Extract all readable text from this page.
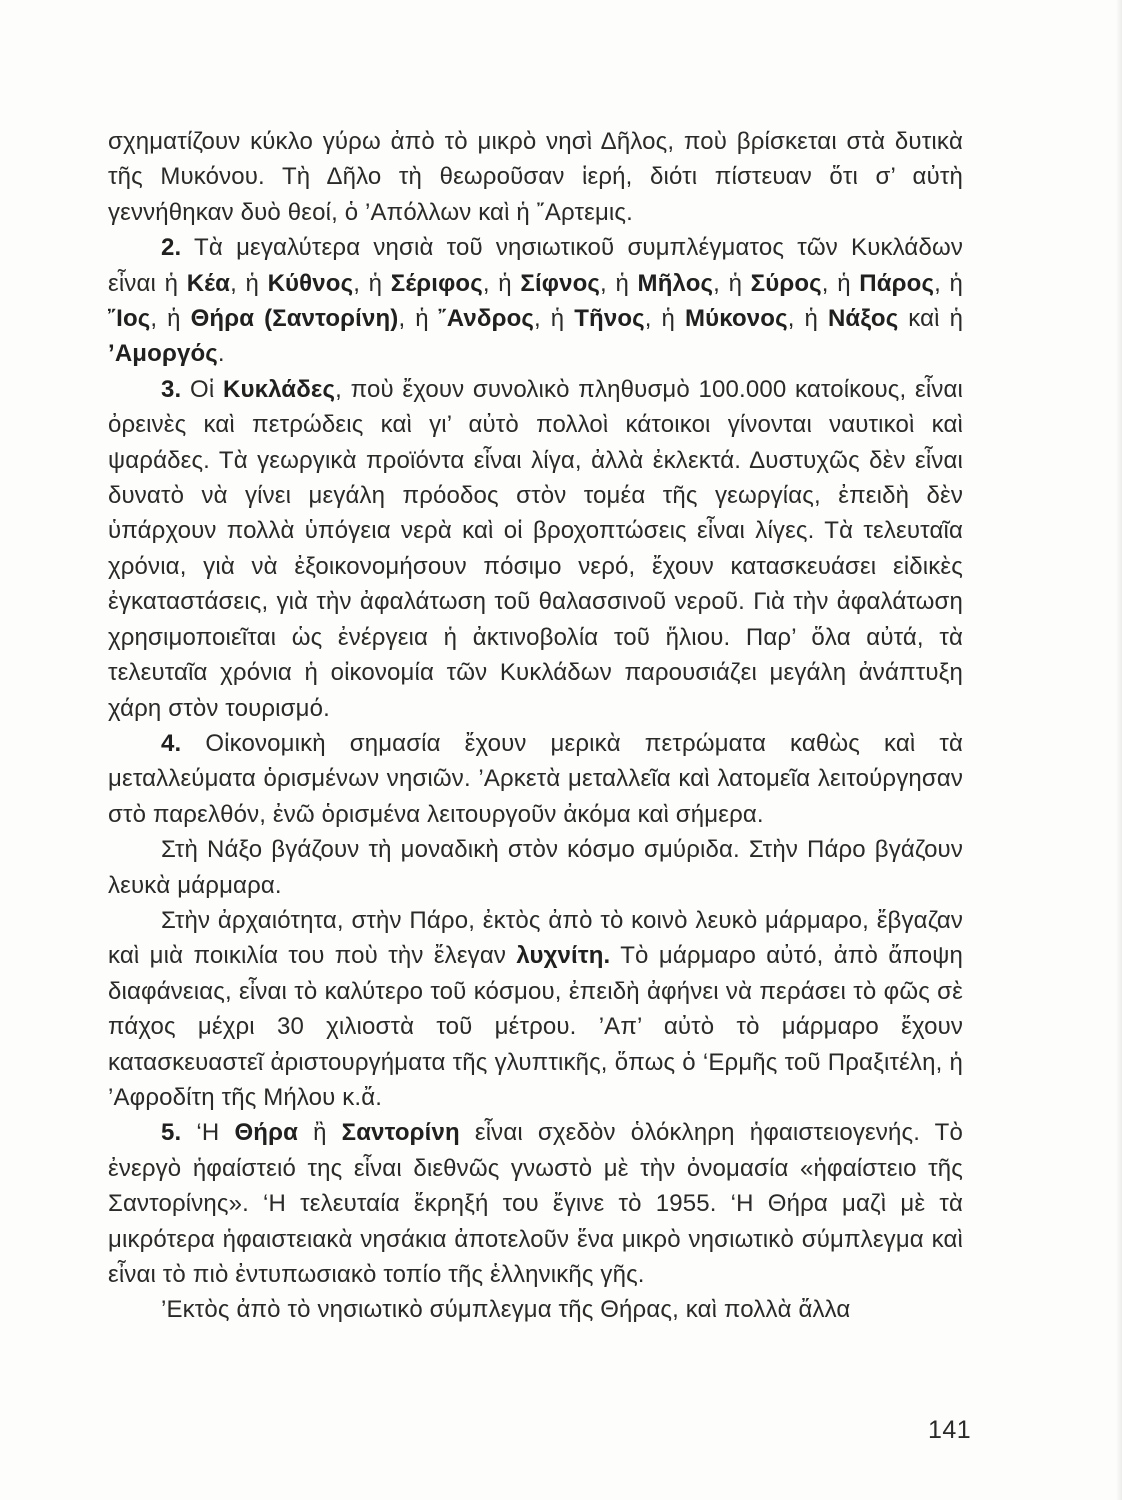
σχηματίζουν κύκλο γύρω ἀπὸ τὸ μικρὸ νησὶ Δῆλος, ποὺ βρίσκεται στὰ δυτικὰ τῆς Μυκόνου. Τὴ Δῆλο τὴ θεωροῦσαν ἱερή, διότι πίστευαν ὅτι σ’ αὐτὴ γεννήθηκαν δυὸ θεοί, ὁ ’Απόλλων καὶ ἡ ῎Αρτεμις.

2. Τὰ μεγαλύτερα νησιὰ τοῦ νησιωτικοῦ συμπλέγματος τῶν Κυκλάδων εἶναι ἡ Κέα, ἡ Κύθνος, ἡ Σέριφος, ἡ Σίφνος, ἡ Μῆλος, ἡ Σύρος, ἡ Πάρος, ἡ ῎Ιος, ἡ Θήρα (Σαντορίνη), ἡ ῎Ανδρος, ἡ Τῆνος, ἡ Μύκονος, ἡ Νάξος καὶ ἡ ’Αμοργός.

3. Οἱ Κυκλάδες, ποὺ ἔχουν συνολικὸ πληθυσμὸ 100.000 κατοίκους, εἶναι ὀρεινὲς καὶ πετρώδεις καὶ γι’ αὐτὸ πολλοὶ κάτοικοι γίνονται ναυτικοὶ καὶ ψαράδες. Τὰ γεωργικὰ προϊόντα εἶναι λίγα, ἀλλὰ ἐκλεκτά. Δυστυχῶς δὲν εἶναι δυνατὸ νὰ γίνει μεγάλη πρόοδος στὸν τομέα τῆς γεωργίας, ἐπειδὴ δὲν ὑπάρχουν πολλὰ ὑπόγεια νερὰ καὶ οἱ βροχοπτώσεις εἶναι λίγες. Τὰ τελευταῖα χρόνια, γιὰ νὰ ἐξοικονομήσουν πόσιμο νερό, ἔχουν κατασκευάσει εἰδικὲς ἐγκαταστάσεις, γιὰ τὴν ἀφαλάτωση τοῦ θαλασσινοῦ νεροῦ. Γιὰ τὴν ἀφαλάτωση χρησιμοποιεῖται ὡς ἐνέργεια ἡ ἀκτινοβολία τοῦ ἥλιου. Παρ’ ὅλα αὐτά, τὰ τελευταῖα χρόνια ἡ οἰκονομία τῶν Κυκλάδων παρουσιάζει μεγάλη ἀνάπτυξη χάρη στὸν τουρισμό.

4. Οἰκονομικὴ σημασία ἔχουν μερικὰ πετρώματα καθὼς καὶ τὰ μεταλλεύματα ὁρισμένων νησιῶν. ’Αρκετὰ μεταλλεῖα καὶ λατομεῖα λειτούργησαν στὸ παρελθόν, ἐνῶ ὁρισμένα λειτουργοῦν ἀκόμα καὶ σήμερα.

Στὴ Νάξο βγάζουν τὴ μοναδικὴ στὸν κόσμο σμύριδα. Στὴν Πάρο βγάζουν λευκὰ μάρμαρα.

Στὴν ἀρχαιότητα, στὴν Πάρο, ἐκτὸς ἀπὸ τὸ κοινὸ λευκὸ μάρμαρο, ἔβγαζαν καὶ μιὰ ποικιλία του ποὺ τὴν ἔλεγαν λυχνίτη. Τὸ μάρμαρο αὐτό, ἀπὸ ἄποψη διαφάνειας, εἶναι τὸ καλύτερο τοῦ κόσμου, ἐπειδὴ ἀφήνει νὰ περάσει τὸ φῶς σὲ πάχος μέχρι 30 χιλιοστὰ τοῦ μέτρου. ’Απ’ αὐτὸ τὸ μάρμαρο ἔχουν κατασκευαστεῖ ἀριστουργήματα τῆς γλυπτικῆς, ὅπως ὁ ‘Ερμῆς τοῦ Πραξιτέλη, ἡ ’Αφροδίτη τῆς Μήλου κ.ἄ.

5. ‘Η Θήρα ἢ Σαντορίνη εἶναι σχεδὸν ὁλόκληρη ἡφαιστειογενής. Τὸ ἐνεργὸ ἡφαίστειό της εἶναι διεθνῶς γνωστὸ μὲ τὴν ὀνομασία «ἡφαίστειο τῆς Σαντορίνης». ‘Η τελευταία ἔκρηξή του ἔγινε τὸ 1955. ‘Η Θήρα μαζὶ μὲ τὰ μικρότερα ἡφαιστειακὰ νησάκια ἀποτελοῦν ἕνα μικρὸ νησιωτικὸ σύμπλεγμα καὶ εἶναι τὸ πιὸ ἐντυπωσιακὸ τοπίο τῆς ἑλληνικῆς γῆς.

’Εκτὸς ἀπὸ τὸ νησιωτικὸ σύμπλεγμα τῆς Θήρας, καὶ πολλὰ ἄλλα

141
